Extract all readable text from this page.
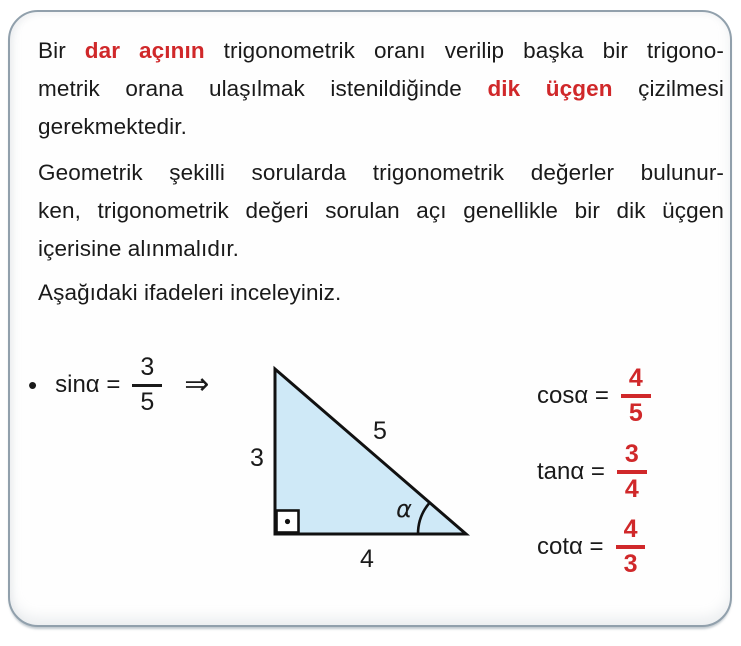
Bir dar açının trigonometrik oranı verilip başka bir trigono-
metrik orana ulaşılmak istenildiğinde dik üçgen çizilmesi
gerekmektedir.
Geometrik şekilli sorularda trigonometrik değerler bulunur-
ken, trigonometrik değeri sorulan açı genellikle bir dik üçgen
içerisine alınmalıdır.
Aşağıdaki ifadeleri inceleyiniz.
• $\sin\alpha = \frac{3}{5}$ ⇒
3
5
4
α
$\cos\alpha = \frac{4}{5}$
$\tan\alpha = \frac{3}{4}$
$\cot\alpha = \frac{4}{3}$
